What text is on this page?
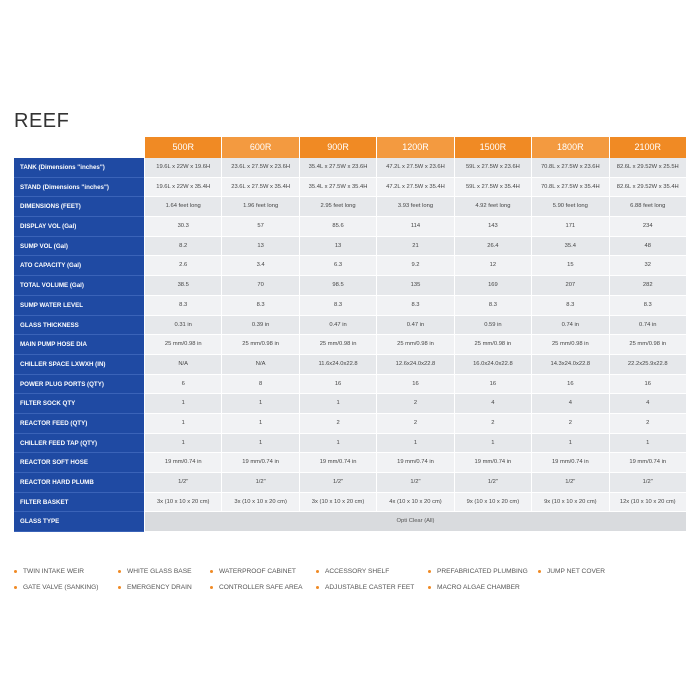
REEF
500R	600R	900R	1200R	1500R	1800R	2100R
TANK (Dimensions "inches")	19.6L x 22W x 19.6H	23.6L x 27.5W x 23.6H	35.4L x 27.5W x 23.6H	47.2L x 27.5W x 23.6H	59L x 27.5W x 23.6H	70.8L x 27.5W x 23.6H	82.6L x 29.52W x 25.5H
STAND (Dimensions "inches")	19.6L x 22W x 35.4H	23.6L x 27.5W x 35.4H	35.4L x 27.5W x 35.4H	47.2L x 27.5W x 35.4H	59L x 27.5W x 35.4H	70.8L x 27.5W x 35.4H	82.6L x 29.52W x 35.4H
DIMENSIONS (FEET)	1.64 feet long	1.96 feet long	2.95 feet long	3.93 feet long	4.92 feet long	5.90 feet long	6.88 feet long
DISPLAY VOL (Gal)	30.3	57	85.6	114	143	171	234
SUMP VOL (Gal)	8.2	13	13	21	26.4	35.4	48
ATO CAPACITY (Gal)	2.6	3.4	6.3	9.2	12	15	32
TOTAL VOLUME (Gal)	38.5	70	98.5	135	169	207	282
SUMP WATER LEVEL	8.3	8.3	8.3	8.3	8.3	8.3	8.3
GLASS THICKNESS	0.31 in	0.39 in	0.47 in	0.47 in	0.59 in	0.74 in	0.74 in
MAIN PUMP HOSE DIA	25 mm/0.98 in	25 mm/0.98 in	25 mm/0.98 in	25 mm/0.98 in	25 mm/0.98 in	25 mm/0.98 in	25 mm/0.98 in
CHILLER SPACE LXWXH (IN)	N/A	N/A	11.6x24.0x22.8	12.6x24.0x22.8	16.0x24.0x22.8	14.3x24.0x22.8	22.2x25.9x22.8
POWER PLUG PORTS (QTY)	6	8	16	16	16	16	16
FILTER SOCK QTY	1	1	1	2	4	4	4
REACTOR FEED (QTY)	1	1	2	2	2	2	2
CHILLER FEED TAP (QTY)	1	1	1	1	1	1	1
REACTOR SOFT HOSE	19 mm/0.74 in	19 mm/0.74 in	19 mm/0.74 in	19 mm/0.74 in	19 mm/0.74 in	19 mm/0.74 in	19 mm/0.74 in
REACTOR HARD PLUMB	1/2"	1/2"	1/2"	1/2"	1/2"	1/2"	1/2"
FILTER BASKET	3x (10 x 10 x 20 cm)	3x (10 x 10 x 20 cm)	3x (10 x 10 x 20 cm)	4x (10 x 10 x 20 cm)	9x (10 x 10 x 20 cm)	9x (10 x 10 x 20 cm)	12x (10 x 10 x 20 cm)
GLASS TYPE	Opti Clear (All)
TWIN INTAKE WEIR	WHITE GLASS BASE	WATERPROOF CABINET	ACCESSORY SHELF	PREFABRICATED PLUMBING	JUMP NET COVER
GATE VALVE (SANKING)	EMERGENCY DRAIN	CONTROLLER SAFE AREA	ADJUSTABLE CASTER FEET	MACRO ALGAE CHAMBER
